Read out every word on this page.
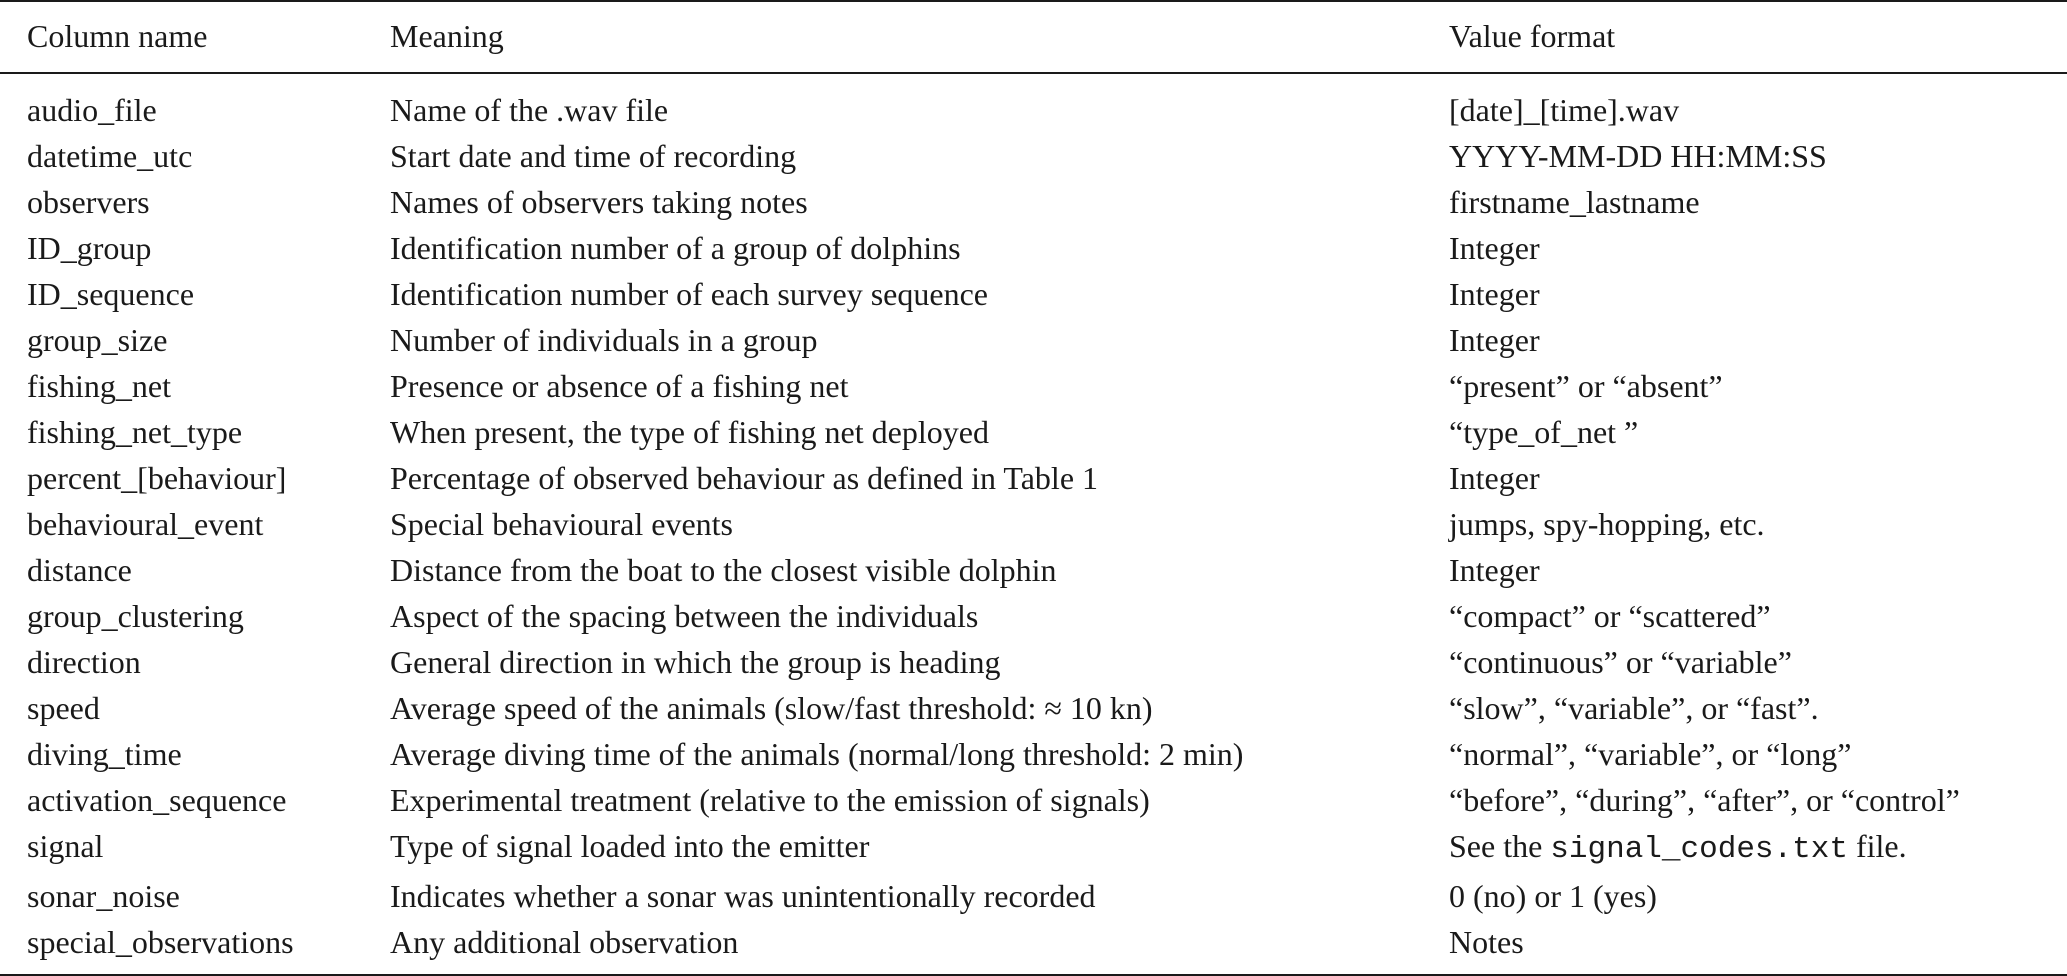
Column name	Meaning	Value format
audio_file	Name of the .wav file	[date]_[time].wav
datetime_utc	Start date and time of recording	YYYY-MM-DD HH:MM:SS
observers	Names of observers taking notes	firstname_lastname
ID_group	Identification number of a group of dolphins	Integer
ID_sequence	Identification number of each survey sequence	Integer
group_size	Number of individuals in a group	Integer
fishing_net	Presence or absence of a fishing net	“present” or “absent”
fishing_net_type	When present, the type of fishing net deployed	“type_of_net ”
percent_[behaviour]	Percentage of observed behaviour as defined in Table 1	Integer
behavioural_event	Special behavioural events	jumps, spy-hopping, etc.
distance	Distance from the boat to the closest visible dolphin	Integer
group_clustering	Aspect of the spacing between the individuals	“compact” or “scattered”
direction	General direction in which the group is heading	“continuous” or “variable”
speed	Average speed of the animals (slow/fast threshold: ≈ 10 kn)	“slow”, “variable”, or “fast”.
diving_time	Average diving time of the animals (normal/long threshold: 2 min)	“normal”, “variable”, or “long”
activation_sequence	Experimental treatment (relative to the emission of signals)	“before”, “during”, “after”, or “control”
signal	Type of signal loaded into the emitter	See the signal_codes.txt file.
sonar_noise	Indicates whether a sonar was unintentionally recorded	0 (no) or 1 (yes)
special_observations	Any additional observation	Notes
